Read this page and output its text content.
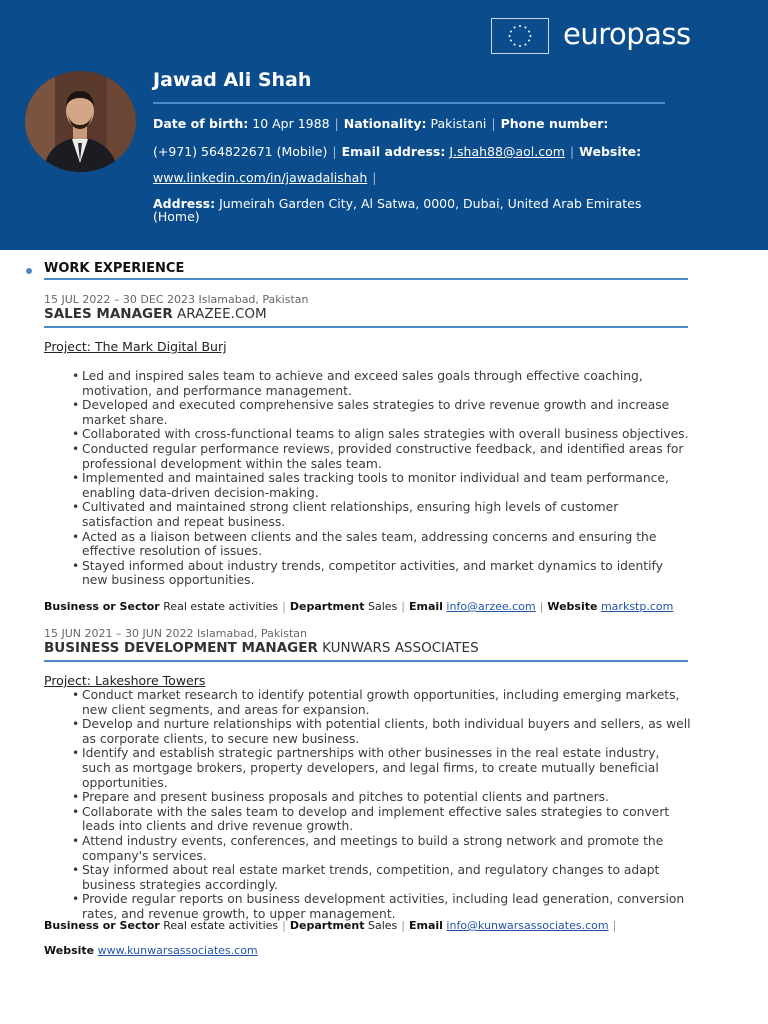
europass
Jawad Ali Shah
Date of birth: 10 Apr 1988 | Nationality: Pakistani | Phone number:
(+971) 564822671 (Mobile) | Email address: J.shah88@aol.com | Website:
www.linkedin.com/in/jawadalishah |
Address: Jumeirah Garden City, Al Satwa, 0000, Dubai, United Arab Emirates
(Home)
WORK EXPERIENCE
15 JUL 2022 – 30 DEC 2023 Islamabad, Pakistan
SALES MANAGER ARAZEE.COM
Project: The Mark Digital Burj
• Led and inspired sales team to achieve and exceed sales goals through effective coaching, motivation, and performance management.
• Developed and executed comprehensive sales strategies to drive revenue growth and increase market share.
• Collaborated with cross-functional teams to align sales strategies with overall business objectives.
• Conducted regular performance reviews, provided constructive feedback, and identified areas for professional development within the sales team.
• Implemented and maintained sales tracking tools to monitor individual and team performance, enabling data-driven decision-making.
• Cultivated and maintained strong client relationships, ensuring high levels of customer satisfaction and repeat business.
• Acted as a liaison between clients and the sales team, addressing concerns and ensuring the effective resolution of issues.
• Stayed informed about industry trends, competitor activities, and market dynamics to identify new business opportunities.
Business or Sector Real estate activities | Department Sales | Email info@arzee.com | Website markstp.com
15 JUN 2021 – 30 JUN 2022 Islamabad, Pakistan
BUSINESS DEVELOPMENT MANAGER KUNWARS ASSOCIATES
Project: Lakeshore Towers
• Conduct market research to identify potential growth opportunities, including emerging markets, new client segments, and areas for expansion.
• Develop and nurture relationships with potential clients, both individual buyers and sellers, as well as corporate clients, to secure new business.
• Identify and establish strategic partnerships with other businesses in the real estate industry, such as mortgage brokers, property developers, and legal firms, to create mutually beneficial opportunities.
• Prepare and present business proposals and pitches to potential clients and partners.
• Collaborate with the sales team to develop and implement effective sales strategies to convert leads into clients and drive revenue growth.
• Attend industry events, conferences, and meetings to build a strong network and promote the company's services.
• Stay informed about real estate market trends, competition, and regulatory changes to adapt business strategies accordingly.
• Provide regular reports on business development activities, including lead generation, conversion rates, and revenue growth, to upper management.
Business or Sector Real estate activities | Department Sales | Email info@kunwarsassociates.com |
Website www.kunwarsassociates.com
